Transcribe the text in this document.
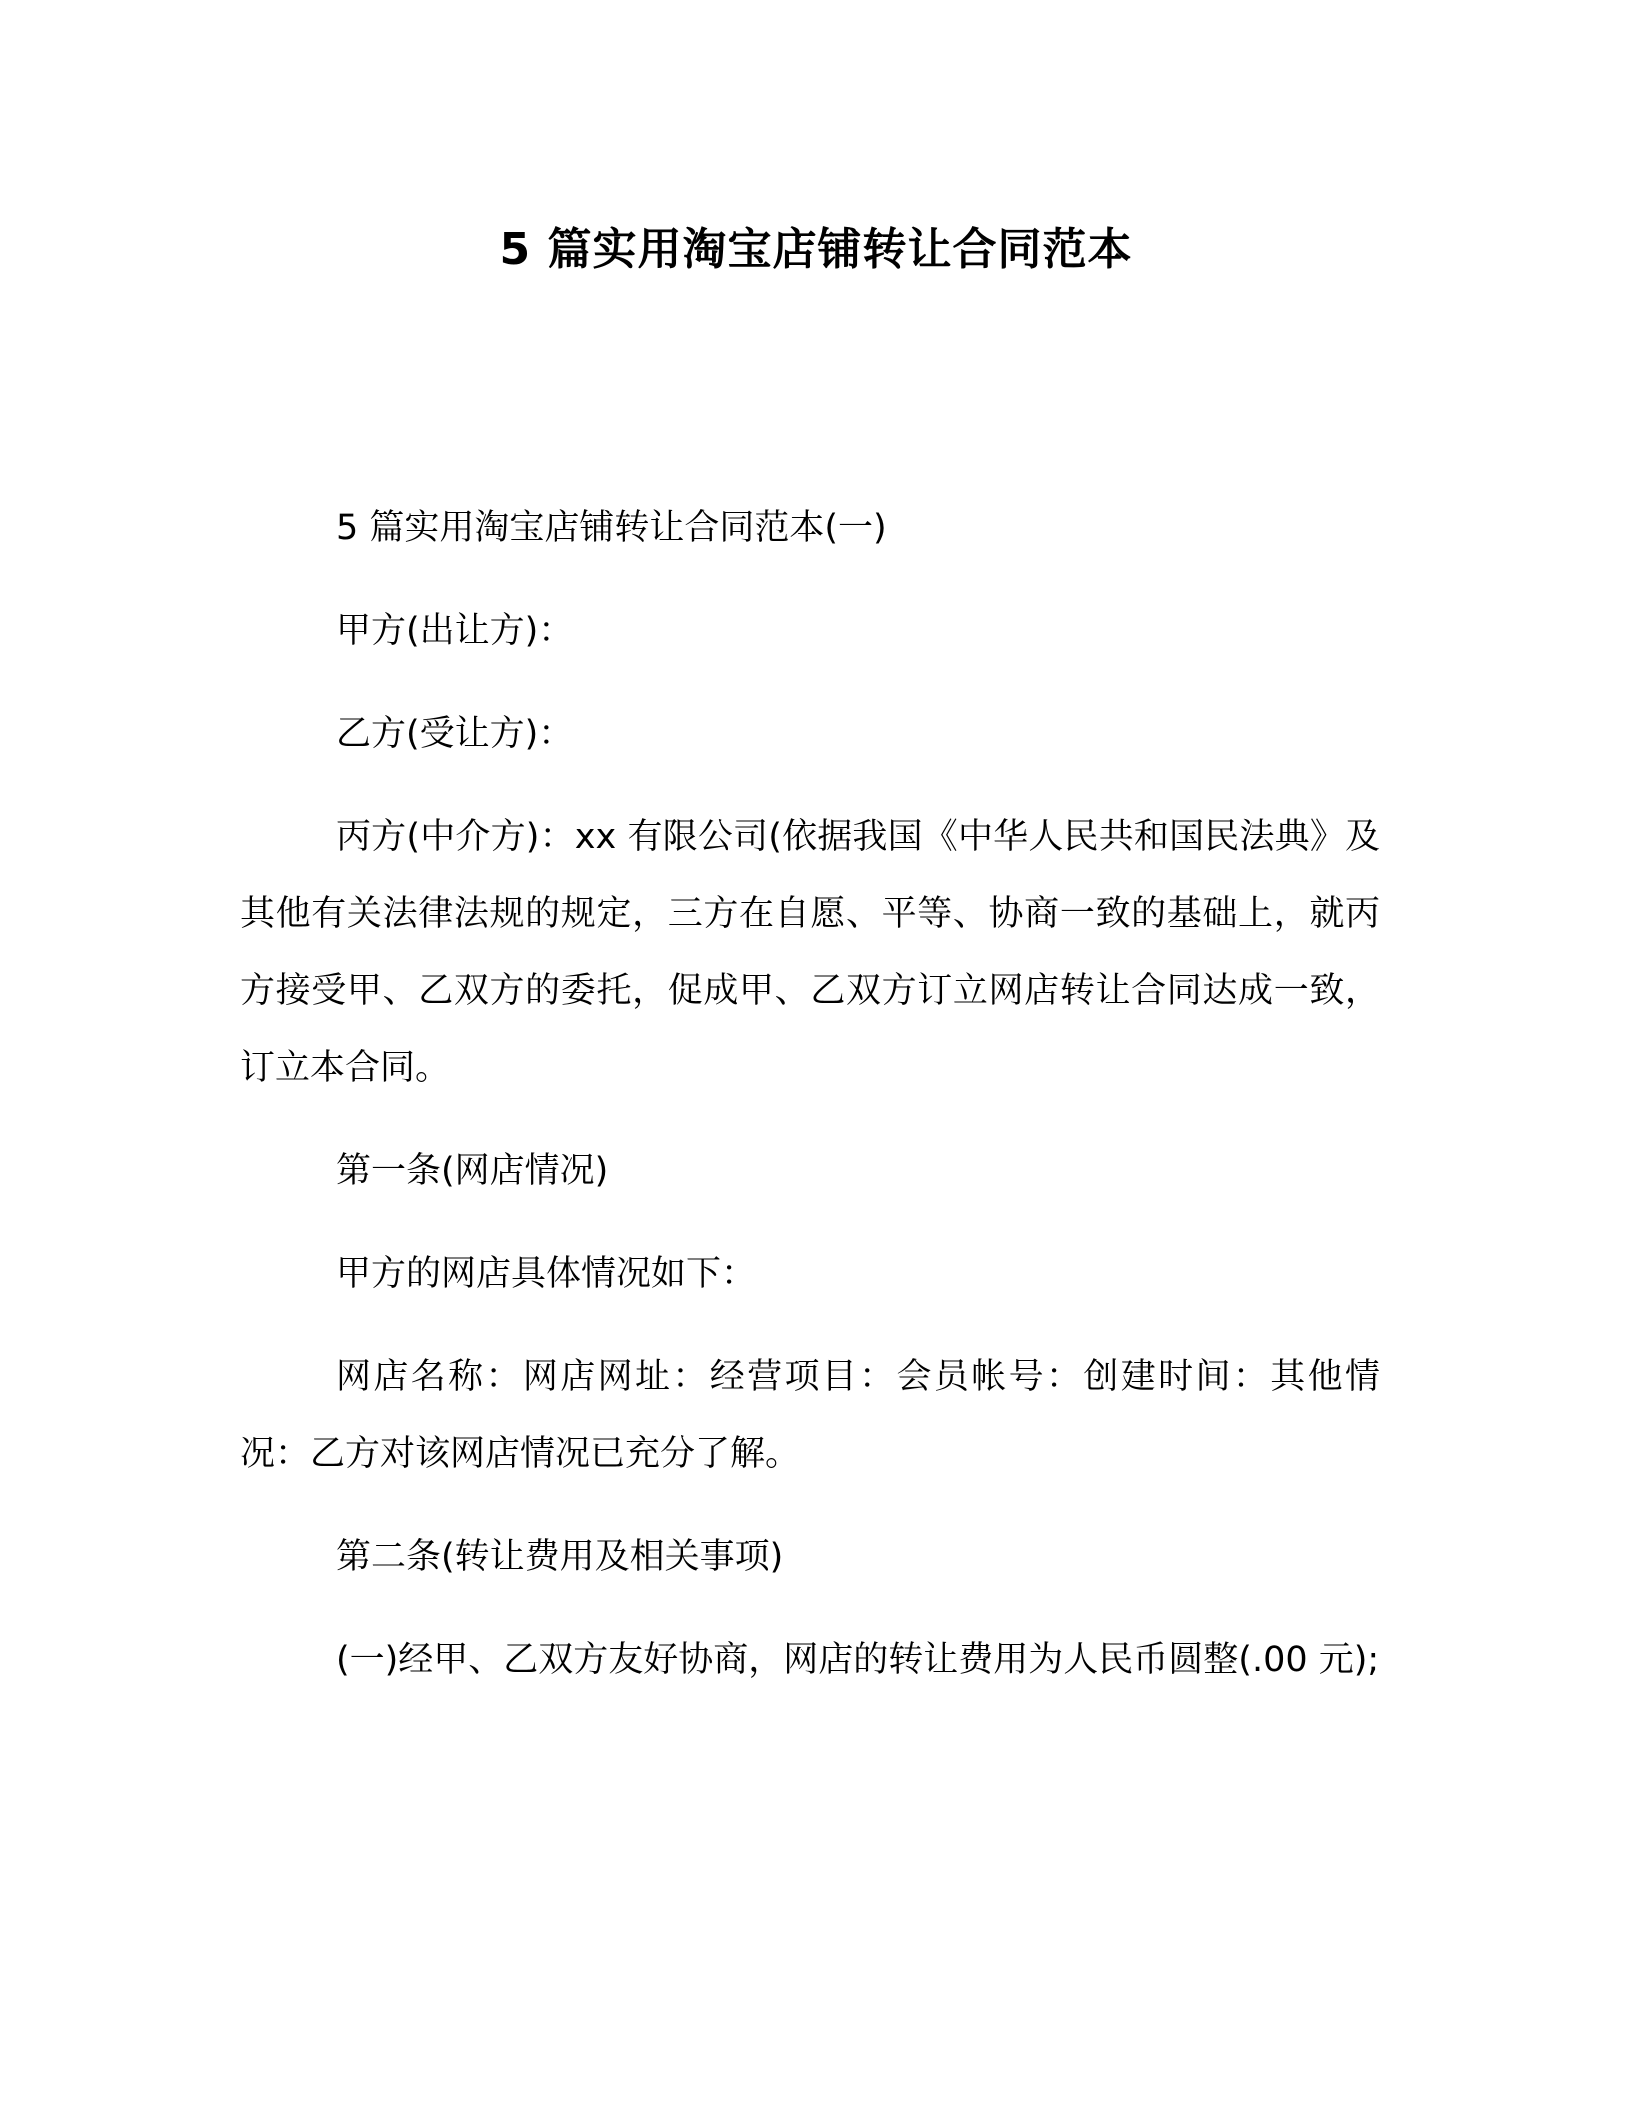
5 篇实用淘宝店铺转让合同范本

5 篇实用淘宝店铺转让合同范本(一)

甲方(出让方)：

乙方(受让方)：

丙方(中介方)：xx 有限公司(依据我国《中华人民共和国民法典》及其他有关法律法规的规定，三方在自愿、平等、协商一致的基础上，就丙方接受甲、乙双方的委托，促成甲、乙双方订立网店转让合同达成一致，订立本合同。

第一条(网店情况)

甲方的网店具体情况如下：

网店名称：网店网址：经营项目：会员帐号：创建时间：其他情况：乙方对该网店情况已充分了解。

第二条(转让费用及相关事项)

(一)经甲、乙双方友好协商，网店的转让费用为人民币圆整(.00 元);
